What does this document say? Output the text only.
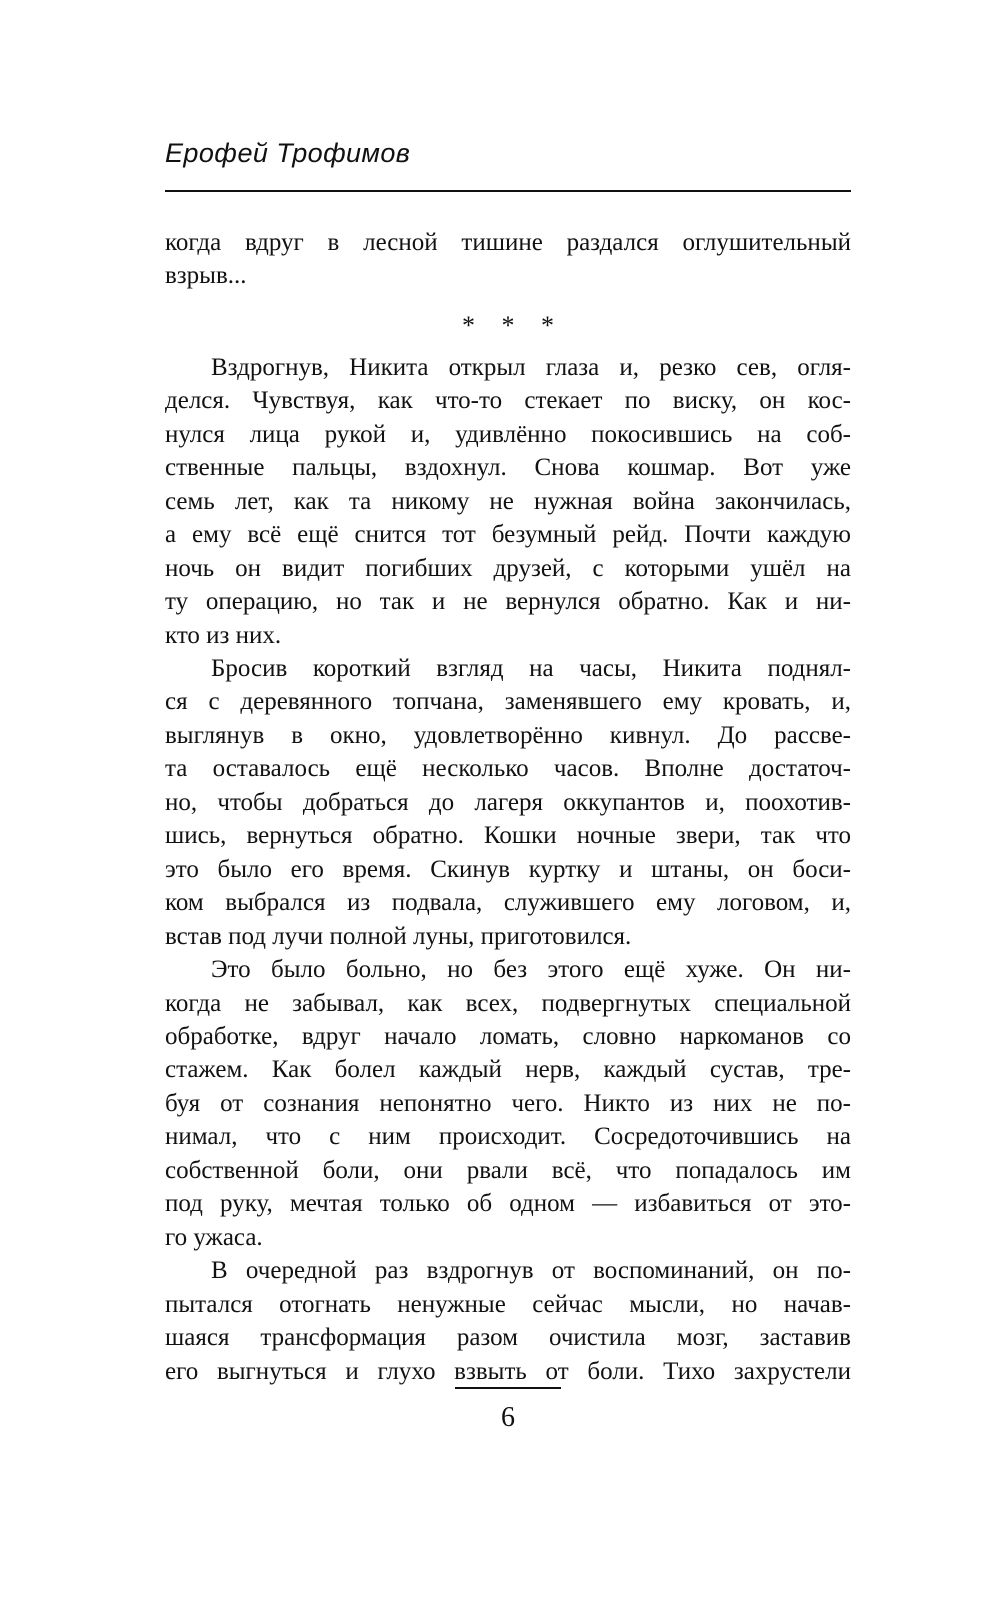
Ерофей Трофимов
когда вдруг в лесной тишине раздался оглушительный
взрыв...
* * *
Вздрогнув, Никита открыл глаза и, резко сев, огля-
делся. Чувствуя, как что-то стекает по виску, он кос-
нулся лица рукой и, удивлённо покосившись на соб-
ственные пальцы, вздохнул. Снова кошмар. Вот уже
семь лет, как та никому не нужная война закончилась,
а ему всё ещё снится тот безумный рейд. Почти каждую
ночь он видит погибших друзей, с которыми ушёл на
ту операцию, но так и не вернулся обратно. Как и ни-
кто из них.
Бросив короткий взгляд на часы, Никита поднял-
ся с деревянного топчана, заменявшего ему кровать, и,
выглянув в окно, удовлетворённо кивнул. До рассве-
та оставалось ещё несколько часов. Вполне достаточ-
но, чтобы добраться до лагеря оккупантов и, поохотив-
шись, вернуться обратно. Кошки ночные звери, так что
это было его время. Скинув куртку и штаны, он боси-
ком выбрался из подвала, служившего ему логовом, и,
встав под лучи полной луны, приготовился.
Это было больно, но без этого ещё хуже. Он ни-
когда не забывал, как всех, подвергнутых специальной
обработке, вдруг начало ломать, словно наркоманов со
стажем. Как болел каждый нерв, каждый сустав, тре-
буя от сознания непонятно чего. Никто из них не по-
нимал, что с ним происходит. Сосредоточившись на
собственной боли, они рвали всё, что попадалось им
под руку, мечтая только об одном — избавиться от это-
го ужаса.
В очередной раз вздрогнув от воспоминаний, он по-
пытался отогнать ненужные сейчас мысли, но начав-
шаяся трансформация разом очистила мозг, заставив
его выгнуться и глухо взвыть от боли. Тихо захрустели
6
